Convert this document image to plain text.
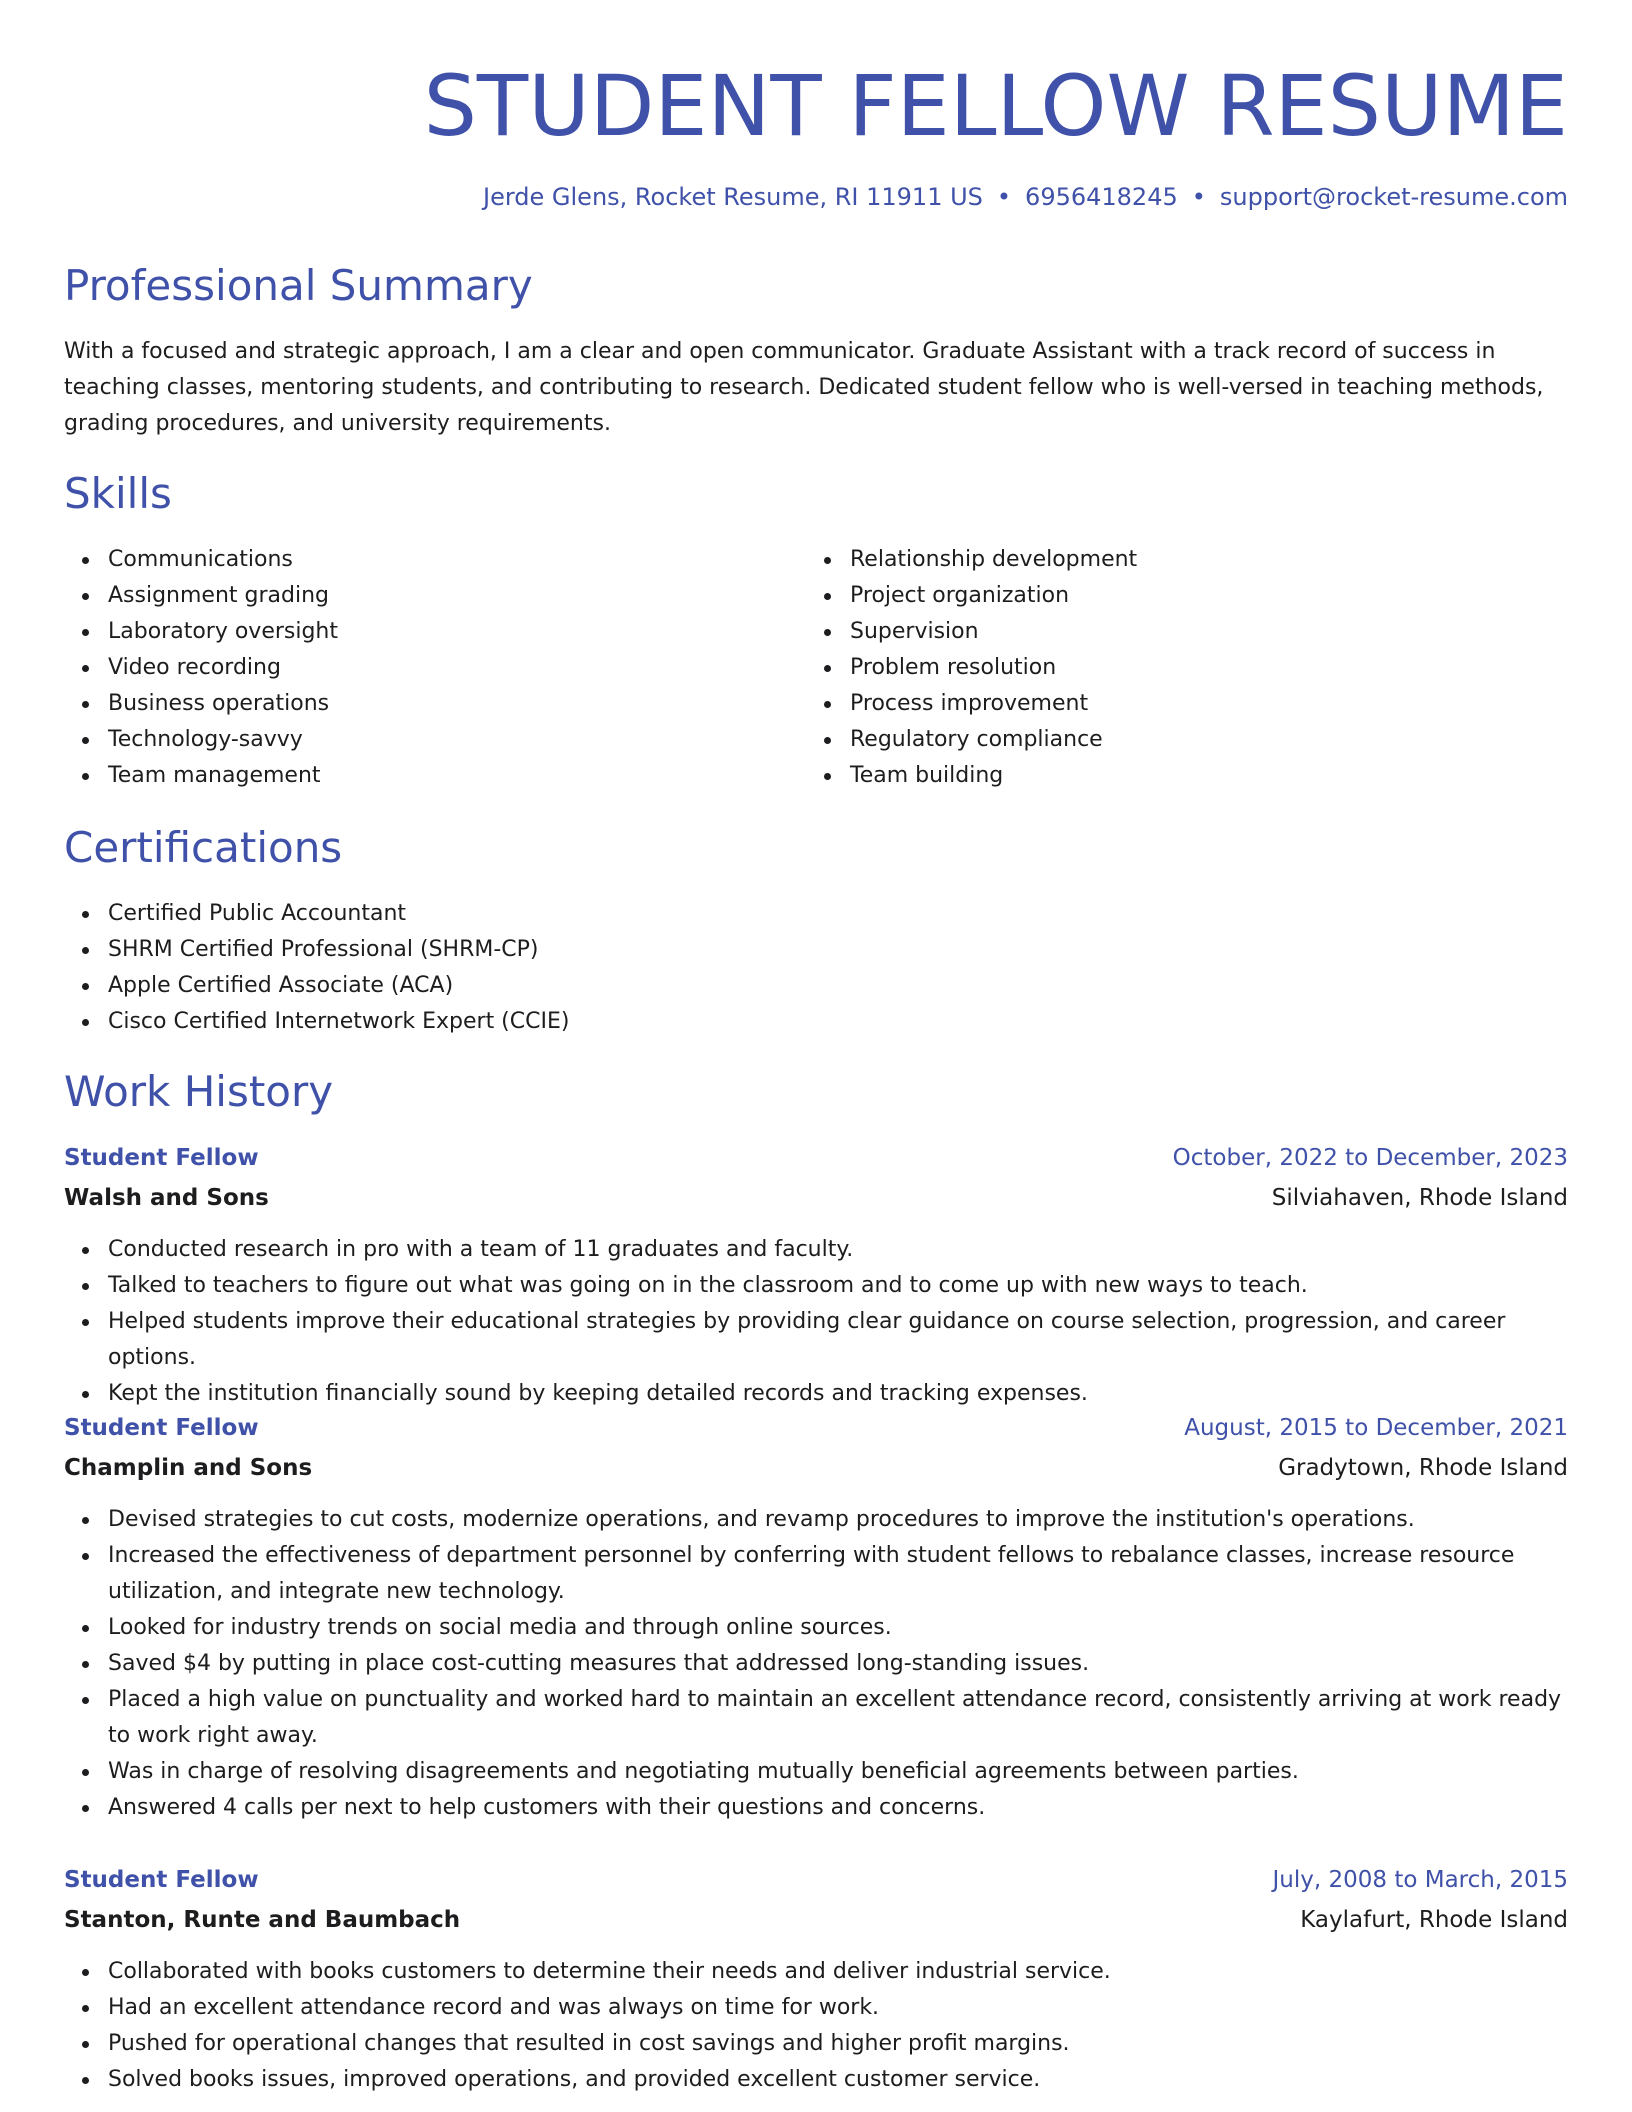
STUDENT FELLOW RESUME
Jerde Glens, Rocket Resume, RI 11911 US • 6956418245 • support@rocket-resume.com
Professional Summary

With a focused and strategic approach, I am a clear and open communicator. Graduate Assistant with a track record of success in teaching classes, mentoring students, and contributing to research. Dedicated student fellow who is well-versed in teaching methods, grading procedures, and university requirements.

Skills
Communications
Assignment grading
Laboratory oversight
Video recording
Business operations
Technology-savvy
Team management
Relationship development
Project organization
Supervision
Problem resolution
Process improvement
Regulatory compliance
Team building
Certifications
Certified Public Accountant
SHRM Certified Professional (SHRM-CP)
Apple Certified Associate (ACA)
Cisco Certified Internetwork Expert (CCIE)
Work History
Student Fellow	October, 2022 to December, 2023
Walsh and Sons	Silviahaven, Rhode Island
Conducted research in pro with a team of 11 graduates and faculty.
Talked to teachers to figure out what was going on in the classroom and to come up with new ways to teach.
Helped students improve their educational strategies by providing clear guidance on course selection, progression, and career options.
Kept the institution financially sound by keeping detailed records and tracking expenses.
Student Fellow	August, 2015 to December, 2021
Champlin and Sons	Gradytown, Rhode Island
Devised strategies to cut costs, modernize operations, and revamp procedures to improve the institution's operations.
Increased the effectiveness of department personnel by conferring with student fellows to rebalance classes, increase resource utilization, and integrate new technology.
Looked for industry trends on social media and through online sources.
Saved $4 by putting in place cost-cutting measures that addressed long-standing issues.
Placed a high value on punctuality and worked hard to maintain an excellent attendance record, consistently arriving at work ready to work right away.
Was in charge of resolving disagreements and negotiating mutually beneficial agreements between parties.
Answered 4 calls per next to help customers with their questions and concerns.
Student Fellow	July, 2008 to March, 2015
Stanton, Runte and Baumbach	Kaylafurt, Rhode Island
Collaborated with books customers to determine their needs and deliver industrial service.
Had an excellent attendance record and was always on time for work.
Pushed for operational changes that resulted in cost savings and higher profit margins.
Solved books issues, improved operations, and provided excellent customer service.
